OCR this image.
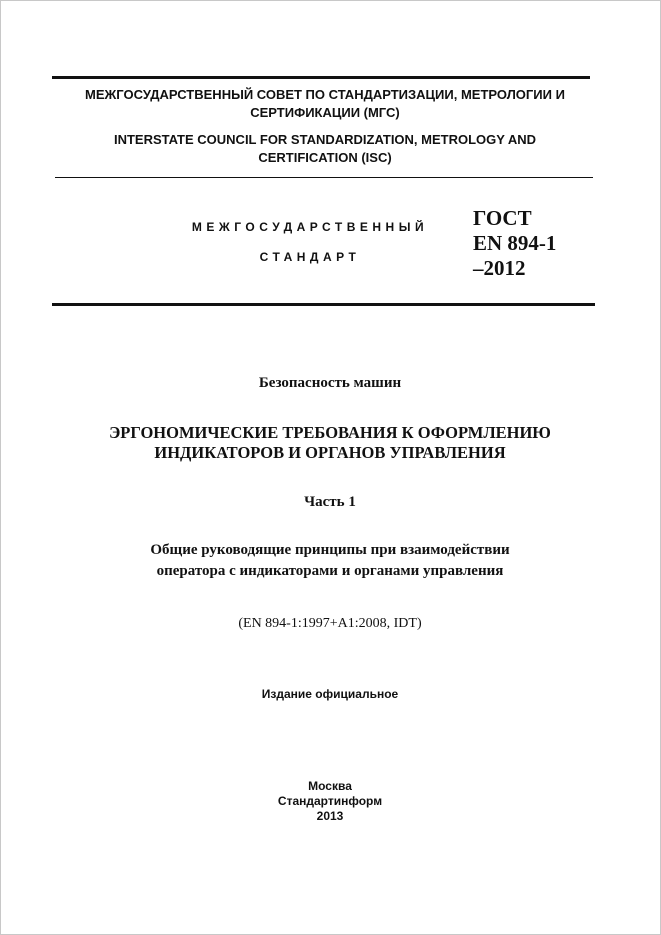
МЕЖГОСУДАРСТВЕННЫЙ СОВЕТ ПО СТАНДАРТИЗАЦИИ, МЕТРОЛОГИИ И
СЕРТИФИКАЦИИ (МГС)
INTERSTATE COUNCIL FOR STANDARDIZATION, METROLOGY AND
CERTIFICATION (ISC)
МЕЖГОСУДАРСТВЕННЫЙ
СТАНДАРТ
ГОСТ
EN 894-1
–2012
Безопасность машин
ЭРГОНОМИЧЕСКИЕ ТРЕБОВАНИЯ К ОФОРМЛЕНИЮ
ИНДИКАТОРОВ И ОРГАНОВ УПРАВЛЕНИЯ
Часть 1
Общие руководящие принципы при взаимодействии
оператора с индикаторами и органами управления
(EN 894-1:1997+A1:2008, IDT)
Издание официальное
Москва
Стандартинформ
2013
